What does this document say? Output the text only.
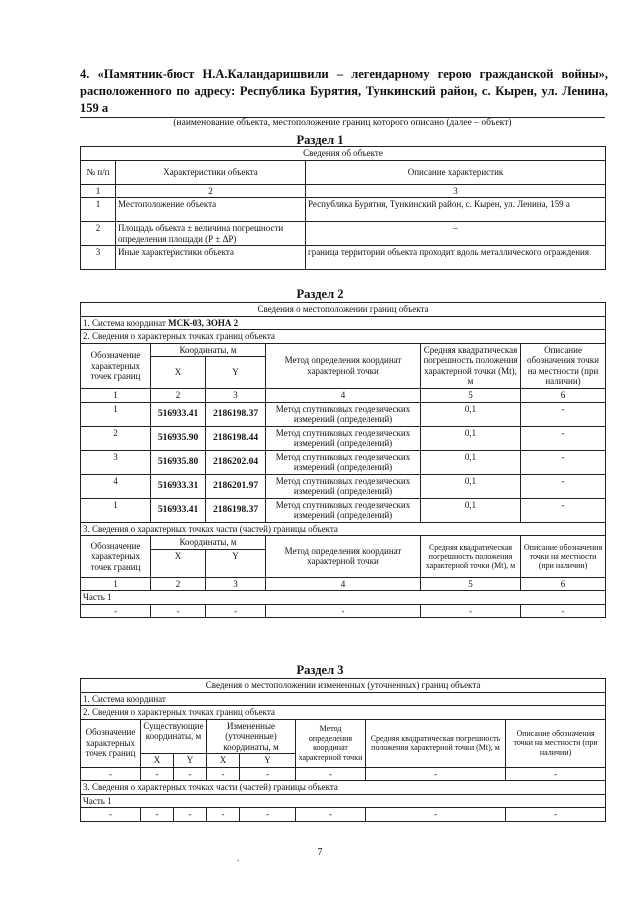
4. «Памятник-бюст Н.А.Каландаришвили – легендарному герою гражданской войны», расположенного по адресу: Республика Бурятия, Тункинский район, с. Кырен, ул. Ленина, 159 а
(наименование объекта, местоположение границ которого описано (далее – объект)
Раздел 1
Сведения об объекте		
№ п/п	Характеристики объекта	Описание характеристик
1	2	3
1	Местоположение объекта	Республика Бурятия, Тункинский район, с. Кырен, ул. Ленина, 159 а
2	Площадь объекта ± величина погрешности определения площади (Р ± ΔР)	–
3	Иные характеристики объекта	граница территории объекта проходит вдоль металлического ограждения
Раздел 2
Сведения о местоположении границ объекта					
1. Система координат МСК-03, ЗОНА 2					
2. Сведения о характерных точках границ объекта					
Обозначение характерных точек границ	Координаты, м		Метод определения координат характерной точки	Средняя квадратическая погрешность положения характерной точки (Mt), м	Описание обозначения точки на местности (при наличии)
	X	Y			
1	2	3	4	5	6
1	516933.41	2186198.37	Метод спутниковых геодезических измерений (определений)	0,1	-
2	516935.90	2186198.44	Метод спутниковых геодезических измерений (определений)	0,1	-
3	516935.80	2186202.04	Метод спутниковых геодезических измерений (определений)	0,1	-
4	516933.31	2186201.97	Метод спутниковых геодезических измерений (определений)	0,1	-
1	516933.41	2186198.37	Метод спутниковых геодезических измерений (определений)	0,1	-
3. Сведения о характерных точках части (частей) границы объекта					
Обозначение характерных точек границ	Координаты, м		Метод определения координат характерной точки	Средняя квадратическая погрешность положения характерной точки (Mt), м	Описание обозначения точки на местности (при наличии)
	X	Y			
1	2	3	4	5	6
Часть 1					
-	-	-	-	-	-
Раздел 3
Сведения о местоположении измененных (уточненных) границ объекта							
1. Система координат							
2. Сведения о характерных точках границ объекта							
Обозначение характерных точек границ	Существующие координаты, м		Измененные (уточненные) координаты, м		Метод определения координат характерной точки	Средняя квадратическая погрешность положения характерной точки (Mt), м	Описание обозначения точки на местности (при наличии)
	X	Y	X	Y			
-	-	-	-	-	-	-	-
3. Сведения о характерных точках части (частей) границы объекта							
Часть 1							
-	-	-	-	-	-	-	-
.	7
